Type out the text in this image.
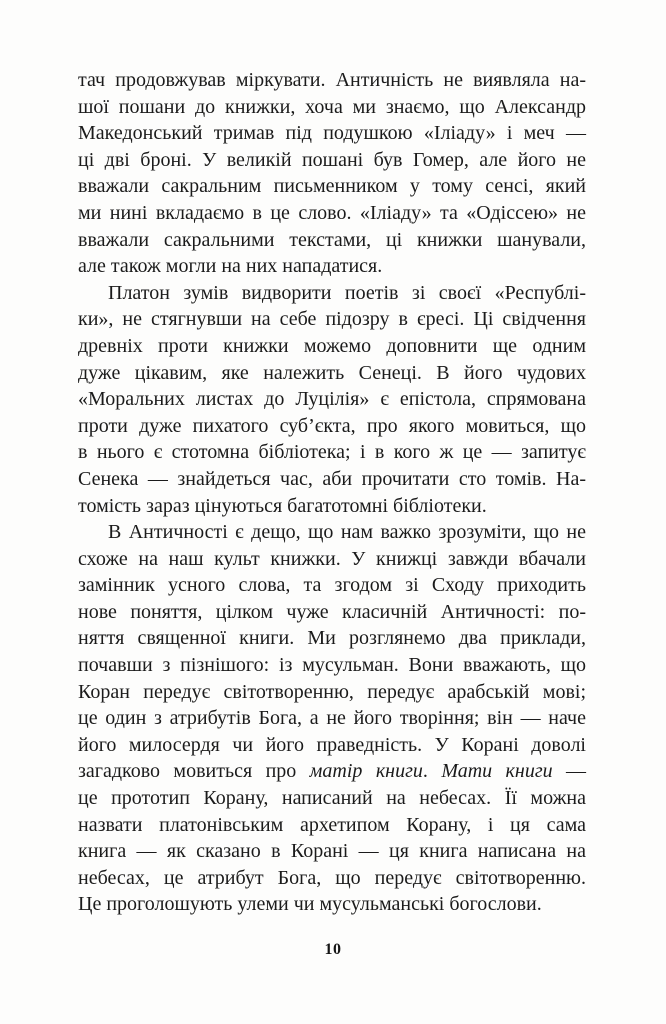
тач продовжував міркувати. Античність не виявляла на-
шої пошани до книжки, хоча ми знаємо, що Александр
Македонський тримав під подушкою «Іліаду» і меч —
ці дві броні. У великій пошані був Гомер, але його не
вважали сакральним письменником у тому сенсі, який
ми нині вкладаємо в це слово. «Іліаду» та «Одіссею» не
вважали сакральними текстами, ці книжки шанували,
але також могли на них нападатися.
Платон зумів видворити поетів зі своєї «Республі-
ки», не стягнувши на себе підозру в єресі. Ці свідчення
древніх проти книжки можемо доповнити ще одним
дуже цікавим, яке належить Сенеці. В його чудових
«Моральних листах до Луцілія» є епістола, спрямована
проти дуже пихатого суб’єкта, про якого мовиться, що
в нього є стотомна бібліотека; і в кого ж це — запитує
Сенека — знайдеться час, аби прочитати сто томів. На-
томість зараз цінуються багатотомні бібліотеки.
В Античності є дещо, що нам важко зрозуміти, що не
схоже на наш культ книжки. У книжці завжди вбачали
замінник усного слова, та згодом зі Сходу приходить
нове поняття, цілком чуже класичній Античності: по-
няття священної книги. Ми розглянемо два приклади,
почавши з пізнішого: із мусульман. Вони вважають, що
Коран передує світотворенню, передує арабській мові;
це один з атрибутів Бога, а не його творіння; він — наче
його милосердя чи його праведність. У Корані доволі
загадково мовиться про матір книги. Мати книги —
це прототип Корану, написаний на небесах. Її можна
назвати платонівським архетипом Корану, і ця сама
книга — як сказано в Корані — ця книга написана на
небесах, це атрибут Бога, що передує світотворенню.
Це проголошують улеми чи мусульманські богослови.
10
